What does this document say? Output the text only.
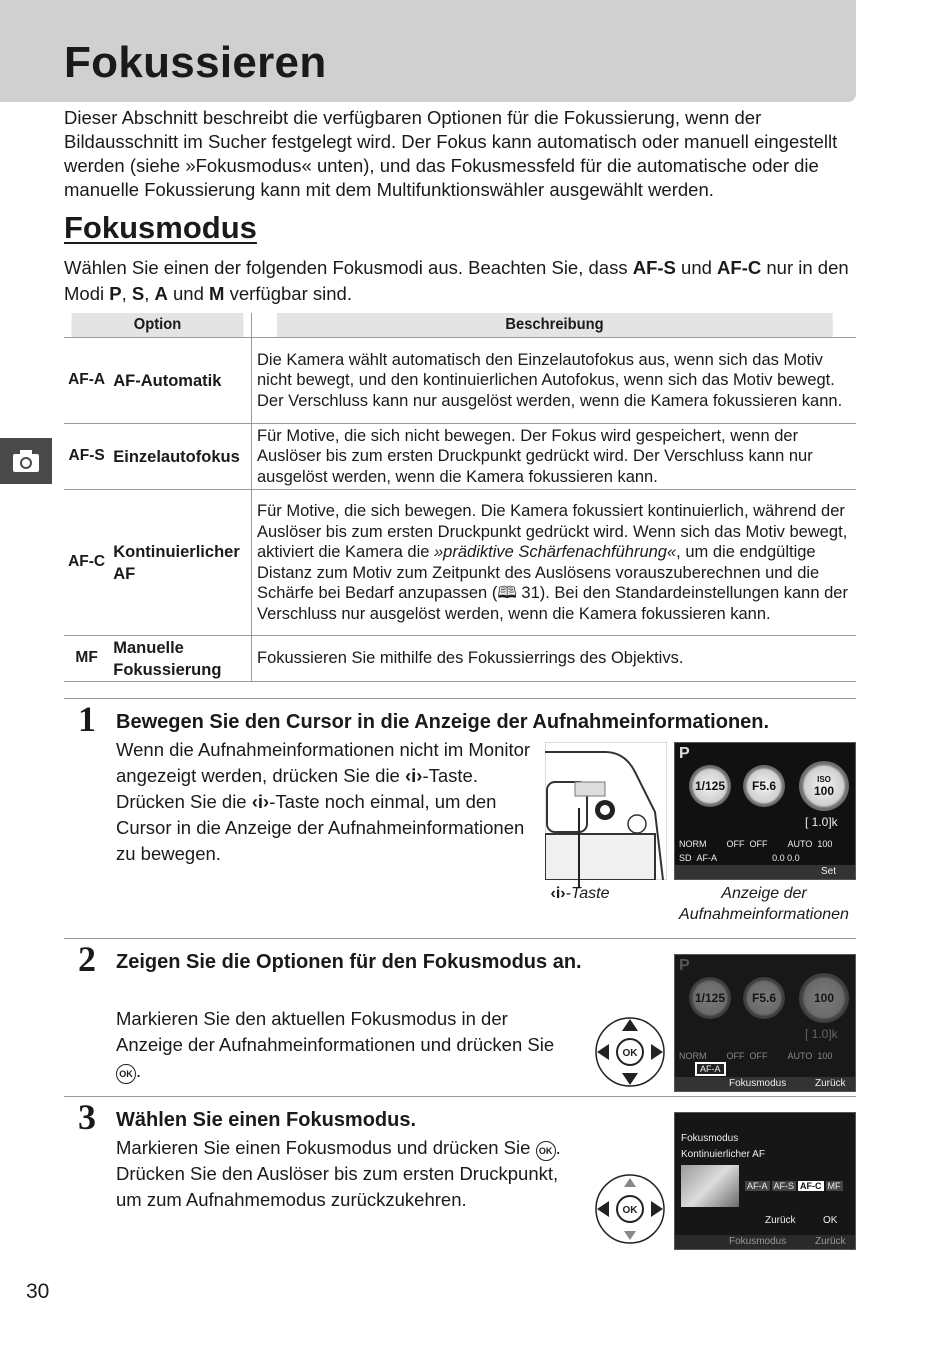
Fokussieren

Dieser Abschnitt beschreibt die verfügbaren Optionen für die Fokussierung, wenn der Bildausschnitt im Sucher festgelegt wird. Der Fokus kann automatisch oder manuell eingestellt werden (siehe »Fokusmodus« unten), und das Fokusmessfeld für die automatische oder die manuelle Fokussierung kann mit dem Multifunktionswähler ausgewählt werden.

Fokusmodus

Wählen Sie einen der folgenden Fokusmodi aus. Beachten Sie, dass AF-S und AF-C nur in den Modi P, S, A und M verfügbar sind.

Option		Beschreibung
AF-A	AF-Automatik	Die Kamera wählt automatisch den Einzelautofokus aus, wenn sich das Motiv nicht bewegt, und den kontinuierlichen Autofokus, wenn sich das Motiv bewegt. Der Verschluss kann nur ausgelöst werden, wenn die Kamera fokussieren kann.
AF-S	Einzelautofokus	Für Motive, die sich nicht bewegen. Der Fokus wird gespeichert, wenn der Auslöser bis zum ersten Druckpunkt gedrückt wird. Der Verschluss kann nur ausgelöst werden, wenn die Kamera fokussieren kann.
AF-C	Kontinuierlicher AF	Für Motive, die sich bewegen. Die Kamera fokussiert kontinuierlich, während der Auslöser bis zum ersten Druckpunkt gedrückt wird. Wenn sich das Motiv bewegt, aktiviert die Kamera die »prädiktive Schärfenachführung«, um die endgültige Distanz zum Motiv zum Zeitpunkt des Auslösens vorauszuberechnen und die Schärfe bei Bedarf anzupassen (🕮 31). Bei den Standardeinstellungen kann der Verschluss nur ausgelöst werden, wenn die Kamera fokussieren kann.
MF	Manuelle Fokussierung	Fokussieren Sie mithilfe des Fokussierrings des Objektivs.
1 Bewegen Sie den Cursor in die Anzeige der Aufnahmeinformationen.

Wenn die Aufnahmeinformationen nicht im Monitor angezeigt werden, drücken Sie die ‹i›-Taste. Drücken Sie die ‹i›-Taste noch einmal, um den Cursor in die Anzeige der Aufnahmeinformationen zu bewegen.

P
1/125 F5.6	ISO
100
[ 1.0]k
NORM OFF OFF AUTO 100
SD AF-A	0.0 0.0
Set
‹i›-Taste	Anzeige der Aufnahmeinformationen
2 Zeigen Sie die Optionen für den Fokusmodus an.

Markieren Sie den aktuellen Fokusmodus in der Anzeige der Aufnahmeinformationen und drücken Sie OK .

OK
P
1/125 F5.6	100
[ 1.0]k
NORM OFF OFF AUTO 100
AF-A
Fokusmodus	Zurück
3 Wählen Sie einen Fokusmodus.

Markieren Sie einen Fokusmodus und drücken Sie OK . Drücken Sie den Auslöser bis zum ersten Druckpunkt, um zum Aufnahmemodus zurückzukehren.

OK
Fokusmodus
Kontinuierlicher AF
AF-A AF-S AF-C MF
Zurück	OK
Fokusmodus	Zurück
30
